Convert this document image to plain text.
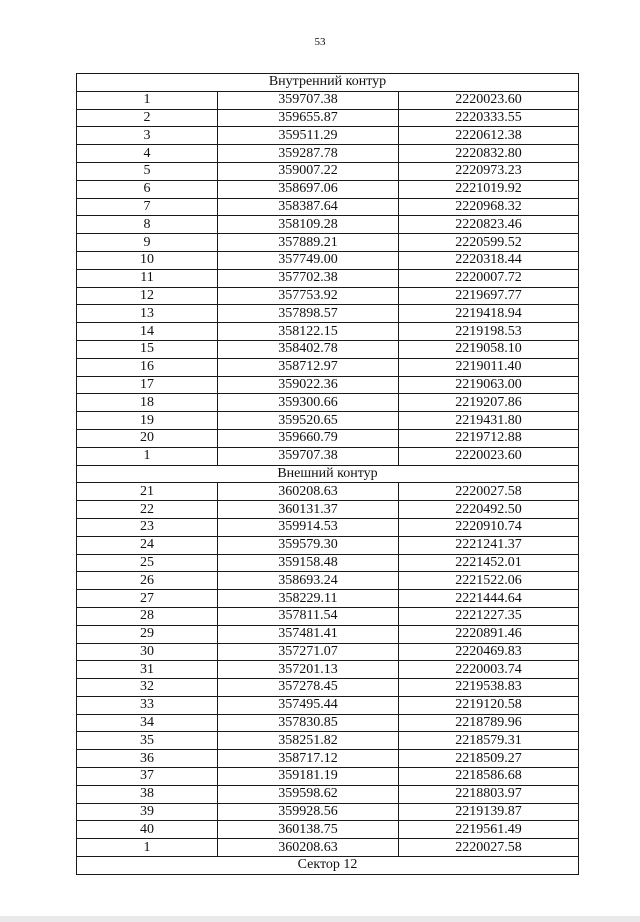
53
Внутренний контур		
1	359707.38	2220023.60
2	359655.87	2220333.55
3	359511.29	2220612.38
4	359287.78	2220832.80
5	359007.22	2220973.23
6	358697.06	2221019.92
7	358387.64	2220968.32
8	358109.28	2220823.46
9	357889.21	2220599.52
10	357749.00	2220318.44
11	357702.38	2220007.72
12	357753.92	2219697.77
13	357898.57	2219418.94
14	358122.15	2219198.53
15	358402.78	2219058.10
16	358712.97	2219011.40
17	359022.36	2219063.00
18	359300.66	2219207.86
19	359520.65	2219431.80
20	359660.79	2219712.88
1	359707.38	2220023.60
Внешний контур		
21	360208.63	2220027.58
22	360131.37	2220492.50
23	359914.53	2220910.74
24	359579.30	2221241.37
25	359158.48	2221452.01
26	358693.24	2221522.06
27	358229.11	2221444.64
28	357811.54	2221227.35
29	357481.41	2220891.46
30	357271.07	2220469.83
31	357201.13	2220003.74
32	357278.45	2219538.83
33	357495.44	2219120.58
34	357830.85	2218789.96
35	358251.82	2218579.31
36	358717.12	2218509.27
37	359181.19	2218586.68
38	359598.62	2218803.97
39	359928.56	2219139.87
40	360138.75	2219561.49
1	360208.63	2220027.58
Сектор 12		
